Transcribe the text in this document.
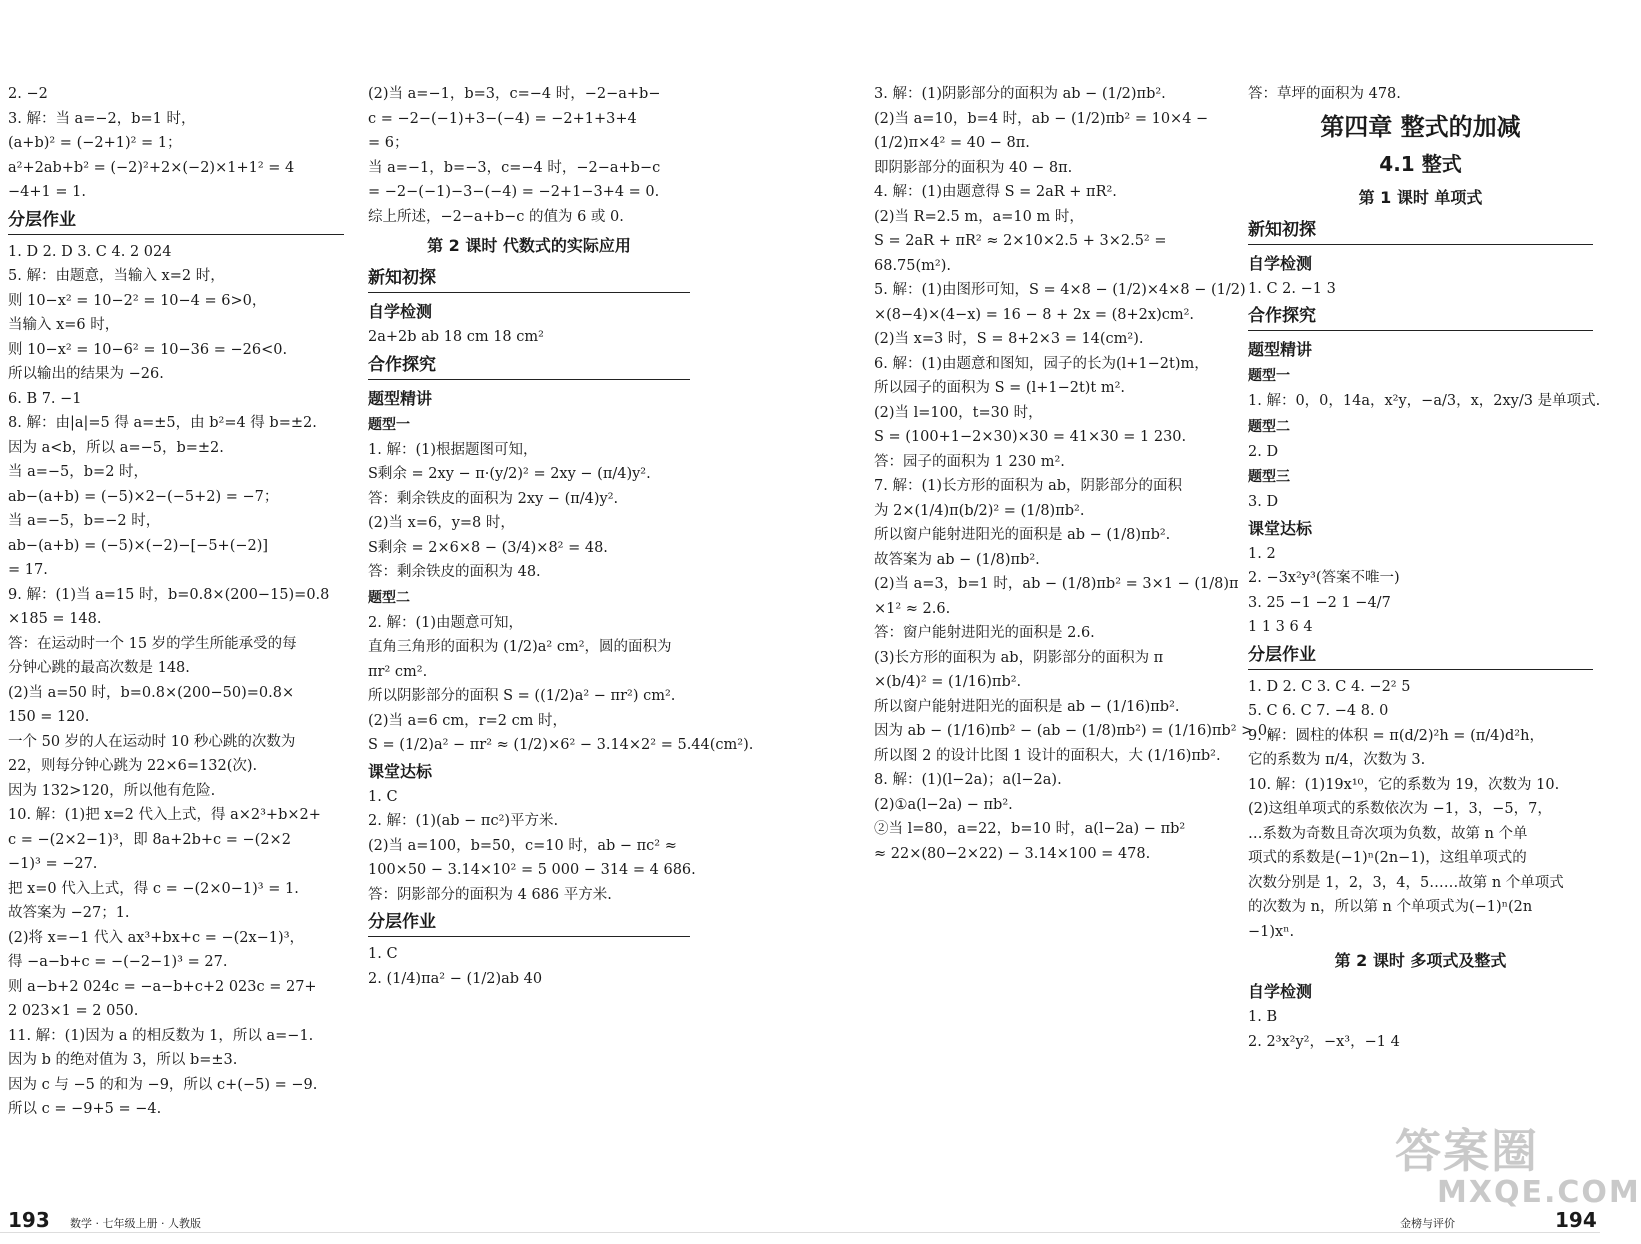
2. −2
3. 解：当 a=−2，b=1 时，
(a+b)² = (−2+1)² = 1；
a²+2ab+b² = (−2)²+2×(−2)×1+1² = 4
−4+1 = 1.
分层作业
1. D 2. D 3. C 4. 2 024
5. 解：由题意，当输入 x=2 时，
则 10−x² = 10−2² = 10−4 = 6>0，
当输入 x=6 时，
则 10−x² = 10−6² = 10−36 = −26<0.
所以输出的结果为 −26.
6. B 7. −1
8. 解：由|a|=5 得 a=±5，由 b²=4 得 b=±2.
因为 a<b，所以 a=−5，b=±2.
当 a=−5，b=2 时，
ab−(a+b) = (−5)×2−(−5+2) = −7；
当 a=−5，b=−2 时，
ab−(a+b) = (−5)×(−2)−[−5+(−2)]
= 17.
9. 解：(1)当 a=15 时，b=0.8×(200−15)=0.8
×185 = 148.
答：在运动时一个 15 岁的学生所能承受的每
分钟心跳的最高次数是 148.
(2)当 a=50 时，b=0.8×(200−50)=0.8×
150 = 120.
一个 50 岁的人在运动时 10 秒心跳的次数为
22，则每分钟心跳为 22×6=132(次).
因为 132>120，所以他有危险.
10. 解：(1)把 x=2 代入上式，得 a×2³+b×2+
c = −(2×2−1)³，即 8a+2b+c = −(2×2
−1)³ = −27.
把 x=0 代入上式，得 c = −(2×0−1)³ = 1.
故答案为 −27；1.
(2)将 x=−1 代入 ax³+bx+c = −(2x−1)³，
得 −a−b+c = −(−2−1)³ = 27.
则 a−b+2 024c = −a−b+c+2 023c = 27+
2 023×1 = 2 050.
11. 解：(1)因为 a 的相反数为 1，所以 a=−1.
因为 b 的绝对值为 3，所以 b=±3.
因为 c 与 −5 的和为 −9，所以 c+(−5) = −9.
所以 c = −9+5 = −4.
(2)当 a=−1，b=3，c=−4 时，−2−a+b−
c = −2−(−1)+3−(−4) = −2+1+3+4
= 6；
当 a=−1，b=−3，c=−4 时，−2−a+b−c
= −2−(−1)−3−(−4) = −2+1−3+4 = 0.
综上所述，−2−a+b−c 的值为 6 或 0.
第 2 课时 代数式的实际应用
新知初探
自学检测
2a+2b ab 18 cm 18 cm²
合作探究
题型精讲
题型一
1. 解：(1)根据题图可知，
S剩余 = 2xy − π·(y/2)² = 2xy − (π/4)y².
答：剩余铁皮的面积为 2xy − (π/4)y².
(2)当 x=6，y=8 时，
S剩余 = 2×6×8 − (3/4)×8² = 48.
答：剩余铁皮的面积为 48.
题型二
2. 解：(1)由题意可知，
直角三角形的面积为 (1/2)a² cm²，圆的面积为
πr² cm².
所以阴影部分的面积 S = ((1/2)a² − πr²) cm².
(2)当 a=6 cm，r=2 cm 时，
S = (1/2)a² − πr² ≈ (1/2)×6² − 3.14×2² = 5.44(cm²).
课堂达标
1. C
2. 解：(1)(ab − πc²)平方米.
(2)当 a=100，b=50，c=10 时，ab − πc² ≈
100×50 − 3.14×10² = 5 000 − 314 = 4 686.
答：阴影部分的面积为 4 686 平方米.
分层作业
1. C
2. (1/4)πa² − (1/2)ab 40
3. 解：(1)阴影部分的面积为 ab − (1/2)πb².
(2)当 a=10，b=4 时，ab − (1/2)πb² = 10×4 −
(1/2)π×4² = 40 − 8π.
即阴影部分的面积为 40 − 8π.
4. 解：(1)由题意得 S = 2aR + πR².
(2)当 R=2.5 m，a=10 m 时，
S = 2aR + πR² ≈ 2×10×2.5 + 3×2.5² =
68.75(m²).
5. 解：(1)由图形可知，S = 4×8 − (1/2)×4×8 − (1/2)
×(8−4)×(4−x) = 16 − 8 + 2x = (8+2x)cm².
(2)当 x=3 时，S = 8+2×3 = 14(cm²).
6. 解：(1)由题意和图知，园子的长为(l+1−2t)m，
所以园子的面积为 S = (l+1−2t)t m².
(2)当 l=100，t=30 时，
S = (100+1−2×30)×30 = 41×30 = 1 230.
答：园子的面积为 1 230 m².
7. 解：(1)长方形的面积为 ab，阴影部分的面积
为 2×(1/4)π(b/2)² = (1/8)πb².
所以窗户能射进阳光的面积是 ab − (1/8)πb².
故答案为 ab − (1/8)πb².
(2)当 a=3，b=1 时，ab − (1/8)πb² = 3×1 − (1/8)π
×1² ≈ 2.6.
答：窗户能射进阳光的面积是 2.6.
(3)长方形的面积为 ab，阴影部分的面积为 π
×(b/4)² = (1/16)πb².
所以窗户能射进阳光的面积是 ab − (1/16)πb².
因为 ab − (1/16)πb² − (ab − (1/8)πb²) = (1/16)πb² > 0，
所以图 2 的设计比图 1 设计的面积大，大 (1/16)πb².
8. 解：(1)(l−2a)；a(l−2a).
(2)①a(l−2a) − πb².
②当 l=80，a=22，b=10 时，a(l−2a) − πb²
≈ 22×(80−2×22) − 3.14×100 = 478.
答：草坪的面积为 478.
第四章 整式的加减
4.1 整式
第 1 课时 单项式
新知初探
自学检测
1. C 2. −1 3
合作探究
题型精讲
题型一
1. 解：0，0，14a，x²y，−a/3，x，2xy/3 是单项式.
题型二
2. D
题型三
3. D
课堂达标
1. 2
2. −3x²y³(答案不唯一)
3. 25 −1 −2 1 −4/7
1 1 3 6 4
分层作业
1. D 2. C 3. C 4. −2² 5
5. C 6. C 7. −4 8. 0
9. 解：圆柱的体积 = π(d/2)²h = (π/4)d²h，
它的系数为 π/4，次数为 3.
10. 解：(1)19x¹⁰，它的系数为 19，次数为 10.
(2)这组单项式的系数依次为 −1，3，−5，7，
…系数为奇数且奇次项为负数，故第 n 个单
项式的系数是(−1)ⁿ(2n−1)，这组单项式的
次数分别是 1，2，3，4，5……故第 n 个单项式
的次数为 n，所以第 n 个单项式为(−1)ⁿ(2n
−1)xⁿ.
第 2 课时 多项式及整式
自学检测
1. B
2. 2³x²y²，−x³，−1 4
193 数学 · 七年级上册 · 人教版	金榜与评价	194
答案圈
MXQE.COM
